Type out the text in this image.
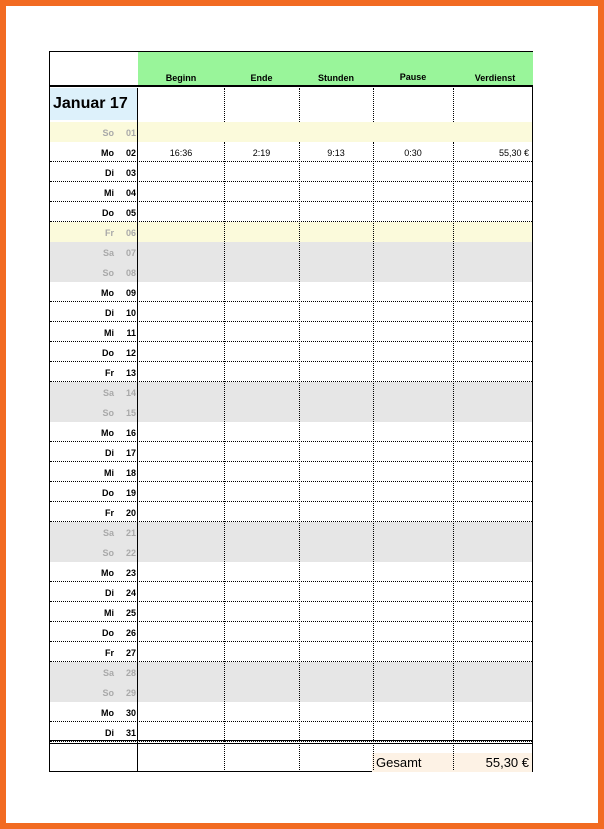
Beginn	Ende	Stunden	Pause	Verdienst
Januar 17
So	01
Mo	02	16:36	2:19	9:13	0:30	55,30 €
Di	03
Mi	04
Do	05
Fr	06
Sa	07
So	08
Mo	09
Di	10
Mi	11
Do	12
Fr	13
Sa	14
So	15
Mo	16
Di	17
Mi	18
Do	19
Fr	20
Sa	21
So	22
Mo	23
Di	24
Mi	25
Do	26
Fr	27
Sa	28
So	29
Mo	30
Di	31
Gesamt	55,30 €
